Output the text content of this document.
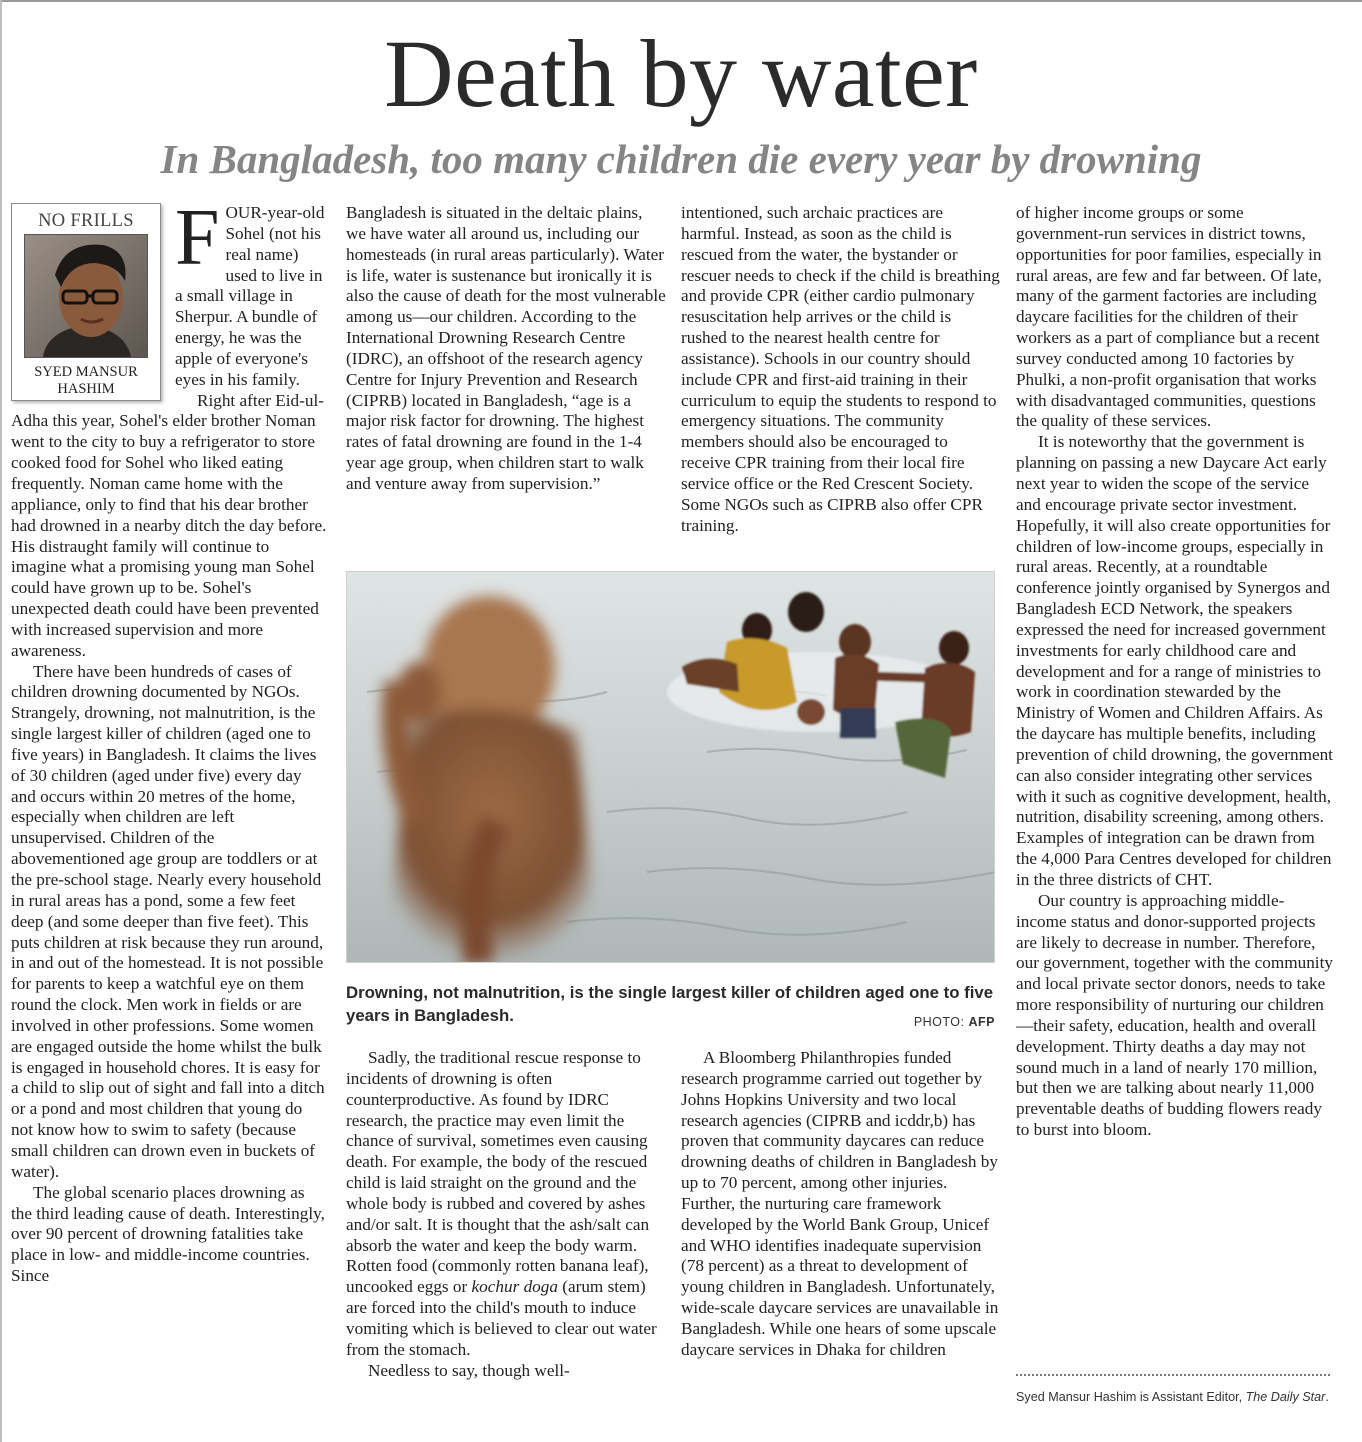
Death by water
In Bangladesh, too many children die every year by drowning
NO FRILLS
SYED MANSUR HASHIM
F OUR-year-old Sohel (not his real name) used to live in a small village in Sherpur. A bundle of energy, he was the apple of everyone's eyes in his family.

Right after Eid-ul-Adha this year, Sohel's elder brother Noman went to the city to buy a refrigerator to store cooked food for Sohel who liked eating frequently. Noman came home with the appliance, only to find that his dear brother had drowned in a nearby ditch the day before. His distraught family will continue to imagine what a promising young man Sohel could have grown up to be. Sohel's unexpected death could have been prevented with increased supervision and more awareness.

There have been hundreds of cases of children drowning documented by NGOs. Strangely, drowning, not malnutrition, is the single largest killer of children (aged one to five years) in Bangladesh. It claims the lives of 30 children (aged under five) every day and occurs within 20 metres of the home, especially when children are left unsupervised. Children of the abovementioned age group are toddlers or at the pre-school stage. Nearly every household in rural areas has a pond, some a few feet deep (and some deeper than five feet). This puts children at risk because they run around, in and out of the homestead. It is not possible for parents to keep a watchful eye on them round the clock. Men work in fields or are involved in other professions. Some women are engaged outside the home whilst the bulk is engaged in household chores. It is easy for a child to slip out of sight and fall into a ditch or a pond and most children that young do not know how to swim to safety (because small children can drown even in buckets of water).

The global scenario places drowning as the third leading cause of death. Interestingly, over 90 percent of drowning fatalities take place in low- and middle-income countries. Since

Bangladesh is situated in the deltaic plains, we have water all around us, including our homesteads (in rural areas particularly). Water is life, water is sustenance but ironically it is also the cause of death for the most vulnerable among us—our children. According to the International Drowning Research Centre (IDRC), an offshoot of the research agency Centre for Injury Prevention and Research (CIPRB) located in Bangladesh, “age is a major risk factor for drowning. The highest rates of fatal drowning are found in the 1-4 year age group, when children start to walk and venture away from supervision.”

intentioned, such archaic practices are harmful. Instead, as soon as the child is rescued from the water, the bystander or rescuer needs to check if the child is breathing and provide CPR (either cardio pulmonary resuscitation help arrives or the child is rushed to the nearest health centre for assistance). Schools in our country should include CPR and first-aid training in their curriculum to equip the students to respond to emergency situations. The community members should also be encouraged to receive CPR training from their local fire service office or the Red Crescent Society. Some NGOs such as CIPRB also offer CPR training.

Drowning, not malnutrition, is the single largest killer of children aged one to five years in Bangladesh.	PHOTO: AFP

Sadly, the traditional rescue response to incidents of drowning is often counterproductive. As found by IDRC research, the practice may even limit the chance of survival, sometimes even causing death. For example, the body of the rescued child is laid straight on the ground and the whole body is rubbed and covered by ashes and/or salt. It is thought that the ash/salt can absorb the water and keep the body warm. Rotten food (commonly rotten banana leaf), uncooked eggs or kochur doga (arum stem) are forced into the child's mouth to induce vomiting which is believed to clear out water from the stomach.

Needless to say, though well-

A Bloomberg Philanthropies funded research programme carried out together by Johns Hopkins University and two local research agencies (CIPRB and icddr,b) has proven that community daycares can reduce drowning deaths of children in Bangladesh by up to 70 percent, among other injuries. Further, the nurturing care framework developed by the World Bank Group, Unicef and WHO identifies inadequate supervision (78 percent) as a threat to development of young children in Bangladesh. Unfortunately, wide-scale daycare services are unavailable in Bangladesh. While one hears of some upscale daycare services in Dhaka for children

of higher income groups or some government-run services in district towns, opportunities for poor families, especially in rural areas, are few and far between. Of late, many of the garment factories are including daycare facilities for the children of their workers as a part of compliance but a recent survey conducted among 10 factories by Phulki, a non-profit organisation that works with disadvantaged communities, questions the quality of these services.

It is noteworthy that the government is planning on passing a new Daycare Act early next year to widen the scope of the service and encourage private sector investment. Hopefully, it will also create opportunities for children of low-income groups, especially in rural areas. Recently, at a roundtable conference jointly organised by Synergos and Bangladesh ECD Network, the speakers expressed the need for increased government investments for early childhood care and development and for a range of ministries to work in coordination stewarded by the Ministry of Women and Children Affairs. As the daycare has multiple benefits, including prevention of child drowning, the government can also consider integrating other services with it such as cognitive development, health, nutrition, disability screening, among others. Examples of integration can be drawn from the 4,000 Para Centres developed for children in the three districts of CHT.

Our country is approaching middle-income status and donor-supported projects are likely to decrease in number. Therefore, our government, together with the community and local private sector donors, needs to take more responsibility of nurturing our children—their safety, education, health and overall development. Thirty deaths a day may not sound much in a land of nearly 170 million, but then we are talking about nearly 11,000 preventable deaths of budding flowers ready to burst into bloom.

Syed Mansur Hashim is Assistant Editor, The Daily Star.
